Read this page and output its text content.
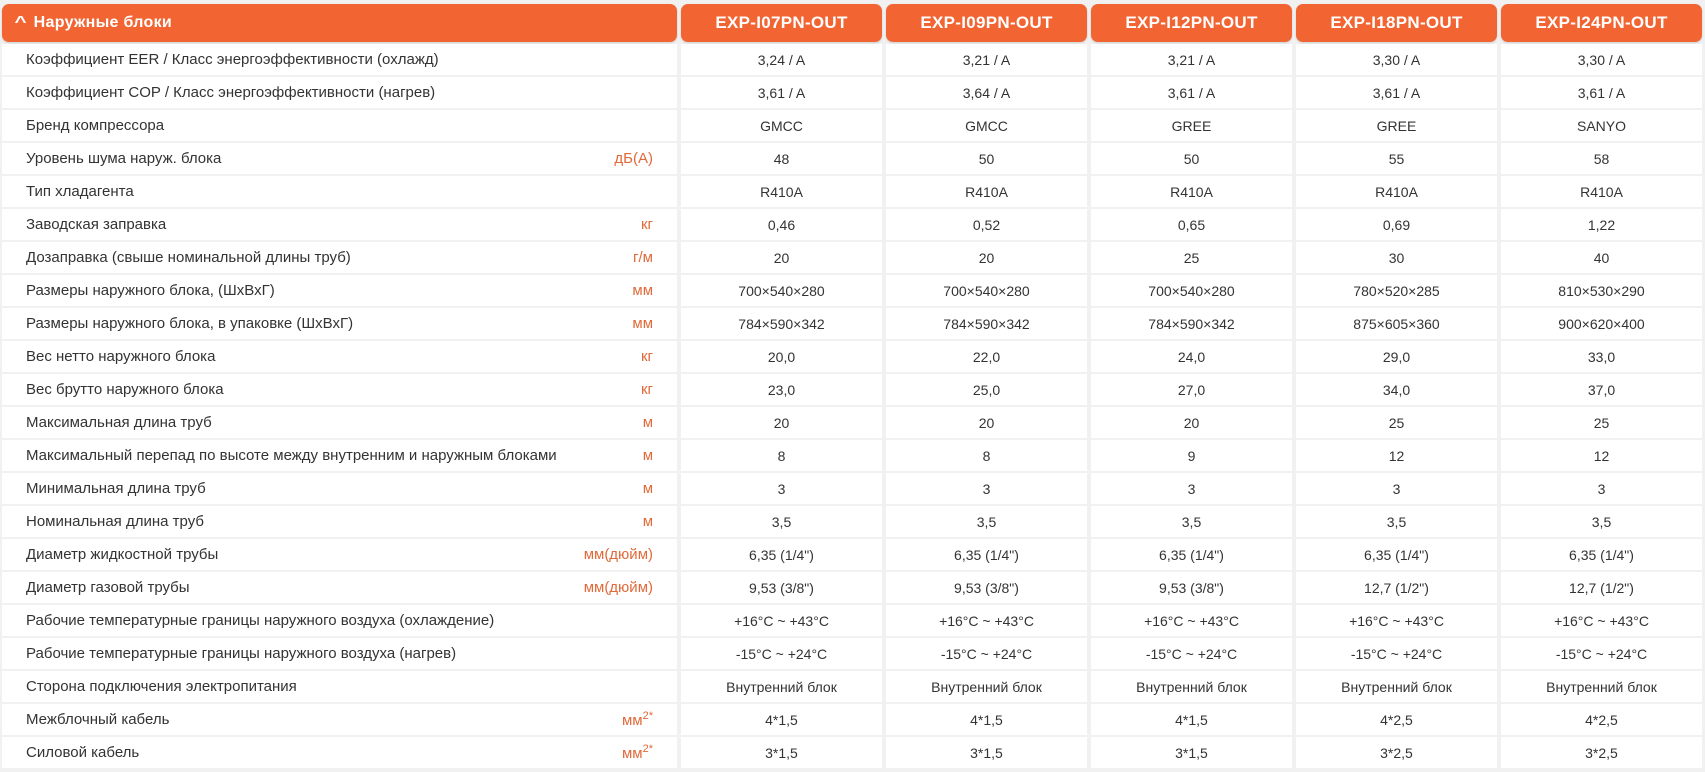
^ Наружные блоки	EXP-I07PN-OUT	EXP-I09PN-OUT	EXP-I12PN-OUT	EXP-I18PN-OUT	EXP-I24PN-OUT
Коэффициент EER / Класс энергоэффективности (охлажд)	3,24 / A	3,21 / A	3,21 / A	3,30 / A	3,30 / A
Коэффициент COP / Класс энергоэффективности (нагрев)	3,61 / A	3,64 / A	3,61 / A	3,61 / A	3,61 / A
Бренд компрессора	GMCC	GMCC	GREE	GREE	SANYO
Уровень шума наруж. блока	дБ(А)	48	50	50	55	58
Тип хладагента	R410A	R410A	R410A	R410A	R410A
Заводская заправка	кг	0,46	0,52	0,65	0,69	1,22
Дозаправка (свыше номинальной длины труб)	г/м	20	20	25	30	40
Размеры наружного блока, (ШхВхГ)	мм	700×540×280	700×540×280	700×540×280	780×520×285	810×530×290
Размеры наружного блока, в упаковке (ШхВхГ)	мм	784×590×342	784×590×342	784×590×342	875×605×360	900×620×400
Вес нетто наружного блока	кг	20,0	22,0	24,0	29,0	33,0
Вес брутто наружного блока	кг	23,0	25,0	27,0	34,0	37,0
Максимальная длина труб	м	20	20	20	25	25
Максимальный перепад по высоте между внутренним и наружным блоками	м	8	8	9	12	12
Минимальная длина труб	м	3	3	3	3	3
Номинальная длина труб	м	3,5	3,5	3,5	3,5	3,5
Диаметр жидкостной трубы	мм(дюйм)	6,35 (1/4")	6,35 (1/4")	6,35 (1/4")	6,35 (1/4")	6,35 (1/4")
Диаметр газовой трубы	мм(дюйм)	9,53 (3/8")	9,53 (3/8")	9,53 (3/8")	12,7 (1/2")	12,7 (1/2")
Рабочие температурные границы наружного воздуха (охлаждение)	+16°C ~ +43°C	+16°C ~ +43°C	+16°C ~ +43°C	+16°C ~ +43°C	+16°C ~ +43°C
Рабочие температурные границы наружного воздуха (нагрев)	-15°C ~ +24°C	-15°C ~ +24°C	-15°C ~ +24°C	-15°C ~ +24°C	-15°C ~ +24°C
Сторона подключения электропитания	Внутренний блок	Внутренний блок	Внутренний блок	Внутренний блок	Внутренний блок
Межблочный кабель	$мм^{2*}$	4*1,5	4*1,5	4*1,5	4*2,5	4*2,5
Силовой кабель	$мм^{2*}$	3*1,5	3*1,5	3*1,5	3*2,5	3*2,5
